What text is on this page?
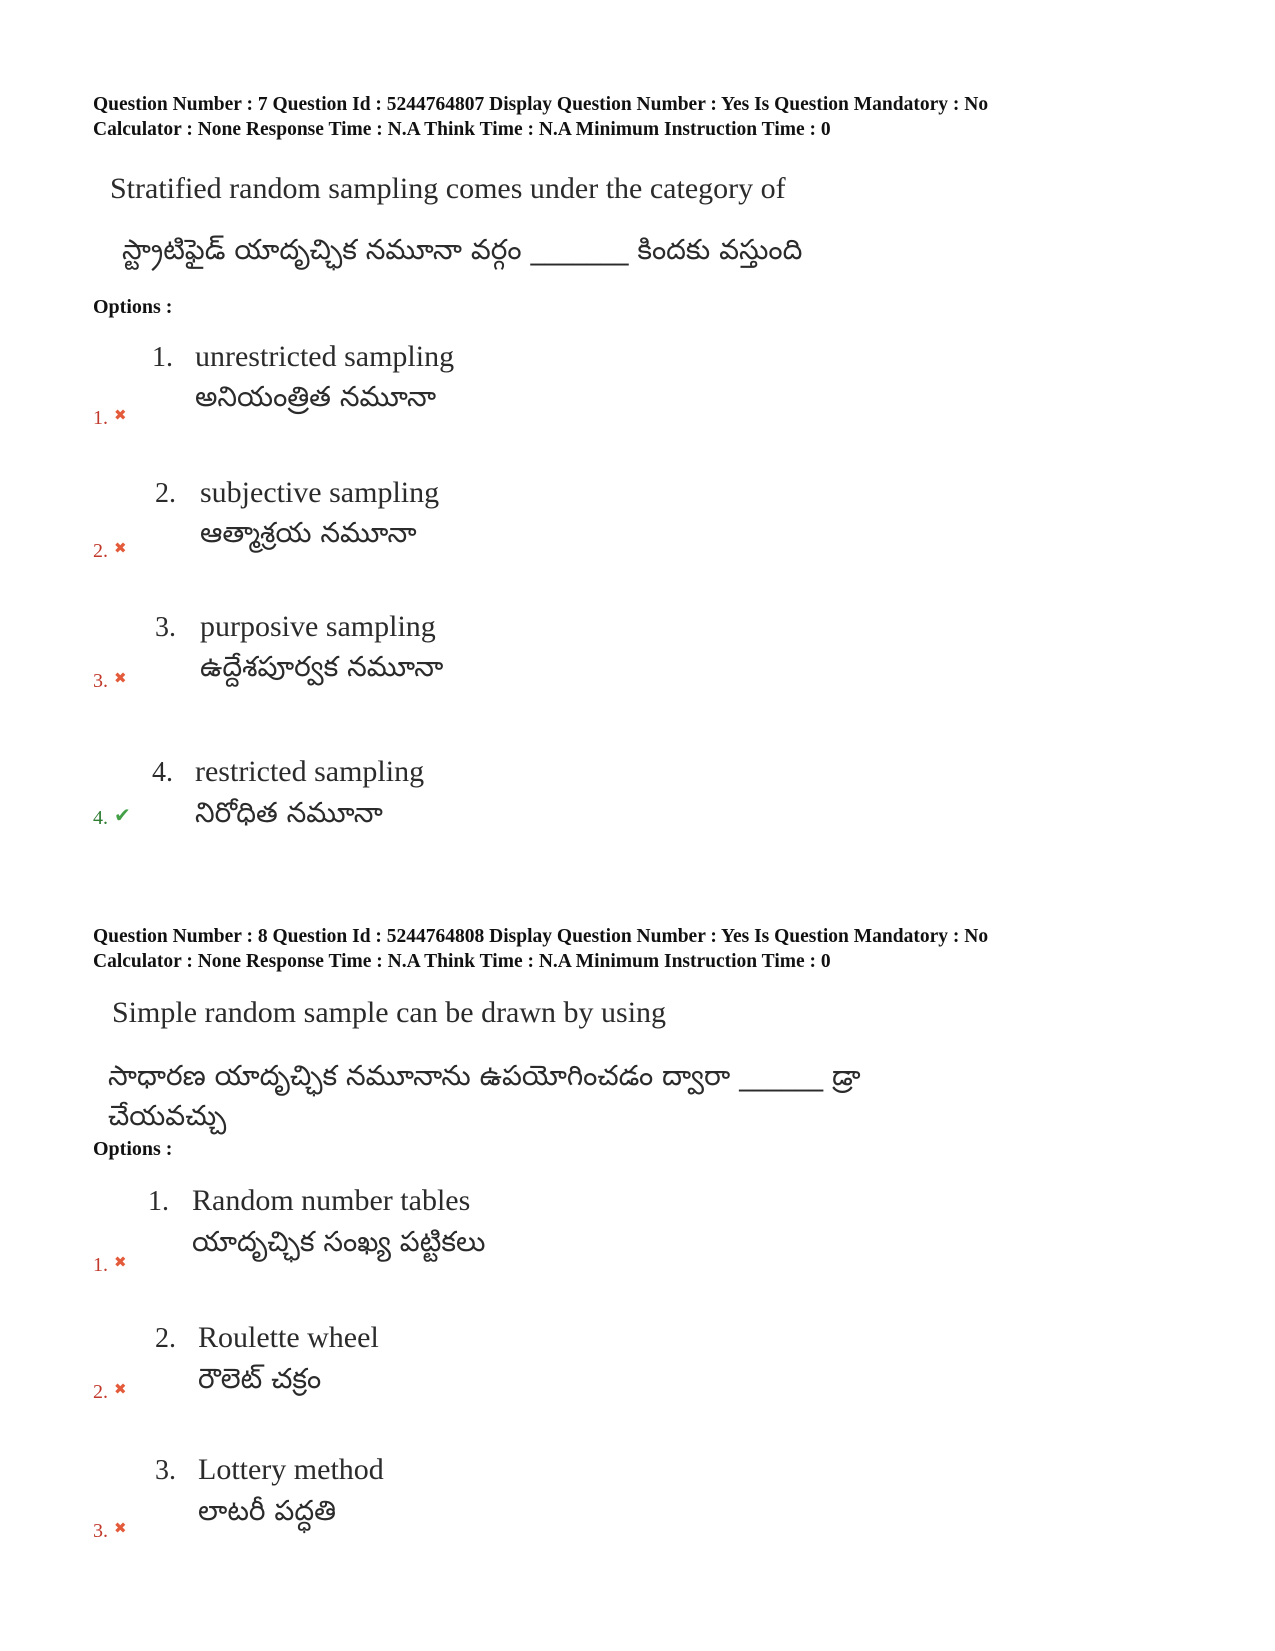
Question Number : 7 Question Id : 5244764807 Display Question Number : Yes Is Question Mandatory : No
Calculator : None Response Time : N.A Think Time : N.A Minimum Instruction Time : 0
Stratified random sampling comes under the category of
స్ట్రాటిఫైడ్ యాదృచ్ఛిక నమూనా వర్గం _______ కిందకు వస్తుంది
Options :
1. unrestricted sampling
అనియంత్రిత నమూనా
1. ✖
2. subjective sampling
ఆత్మాశ్రయ నమూనా
2. ✖
3. purposive sampling
ఉద్దేశపూర్వక నమూనా
3. ✖
4. restricted sampling
నిరోధిత నమూనా
4. ✔
Question Number : 8 Question Id : 5244764808 Display Question Number : Yes Is Question Mandatory : No
Calculator : None Response Time : N.A Think Time : N.A Minimum Instruction Time : 0
Simple random sample can be drawn by using
సాధారణ యాదృచ్ఛిక నమూనాను ఉపయోగించడం ద్వారా ______ డ్రా
చేయవచ్చు
Options :
1. Random number tables
యాదృచ్ఛిక సంఖ్య పట్టికలు
1. ✖
2. Roulette wheel
రౌలెట్ చక్రం
2. ✖
3. Lottery method
లాటరీ పద్ధతి
3. ✖
